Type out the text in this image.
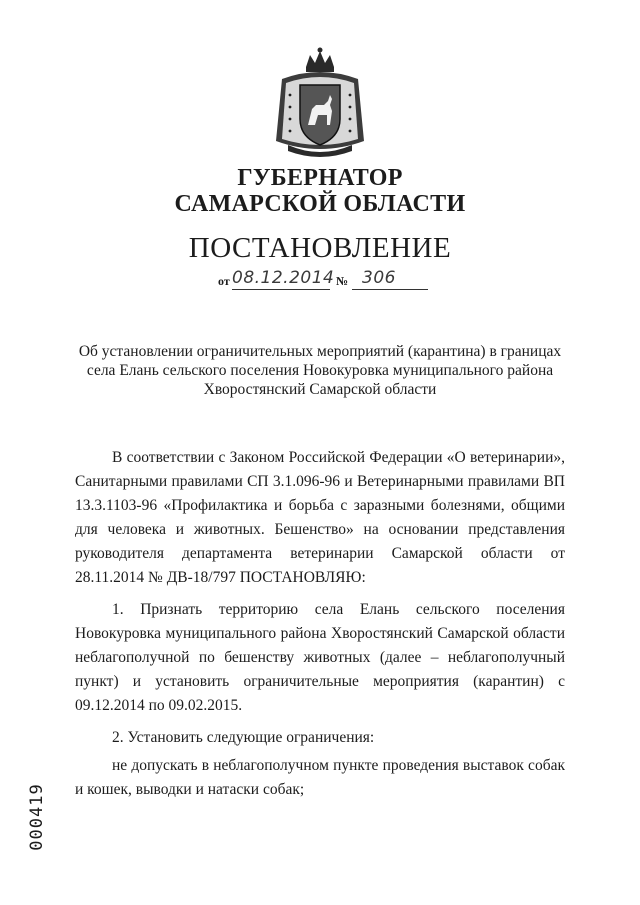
ГУБЕРНАТОР
САМАРСКОЙ ОБЛАСТИ
ПОСТАНОВЛЕНИЕ
от 08.12.2014 № 306
Об установлении ограничительных мероприятий (карантина) в границах
села Елань сельского поселения Новокуровка муниципального района
Хворостянский Самарской области

В соответствии с Законом Российской Федерации «О ветеринарии», Санитарными правилами СП 3.1.096-96 и Ветеринарными правилами ВП 13.3.1103-96 «Профилактика и борьба с заразными болезнями, общими для человека и животных. Бешенство» на основании представления руководителя департамента ветеринарии Самарской области от 28.11.2014 № ДВ-18/797 ПОСТАНОВЛЯЮ:

1. Признать территорию села Елань сельского поселения Новокуровка муниципального района Хворостянский Самарской области неблагополучной по бешенству животных (далее – неблагополучный пункт) и установить ограничительные мероприятия (карантин) с 09.12.2014 по 09.02.2015.

2. Установить следующие ограничения:

не допускать в неблагополучном пункте проведения выставок собак и кошек, выводки и натаски собак;

000419
